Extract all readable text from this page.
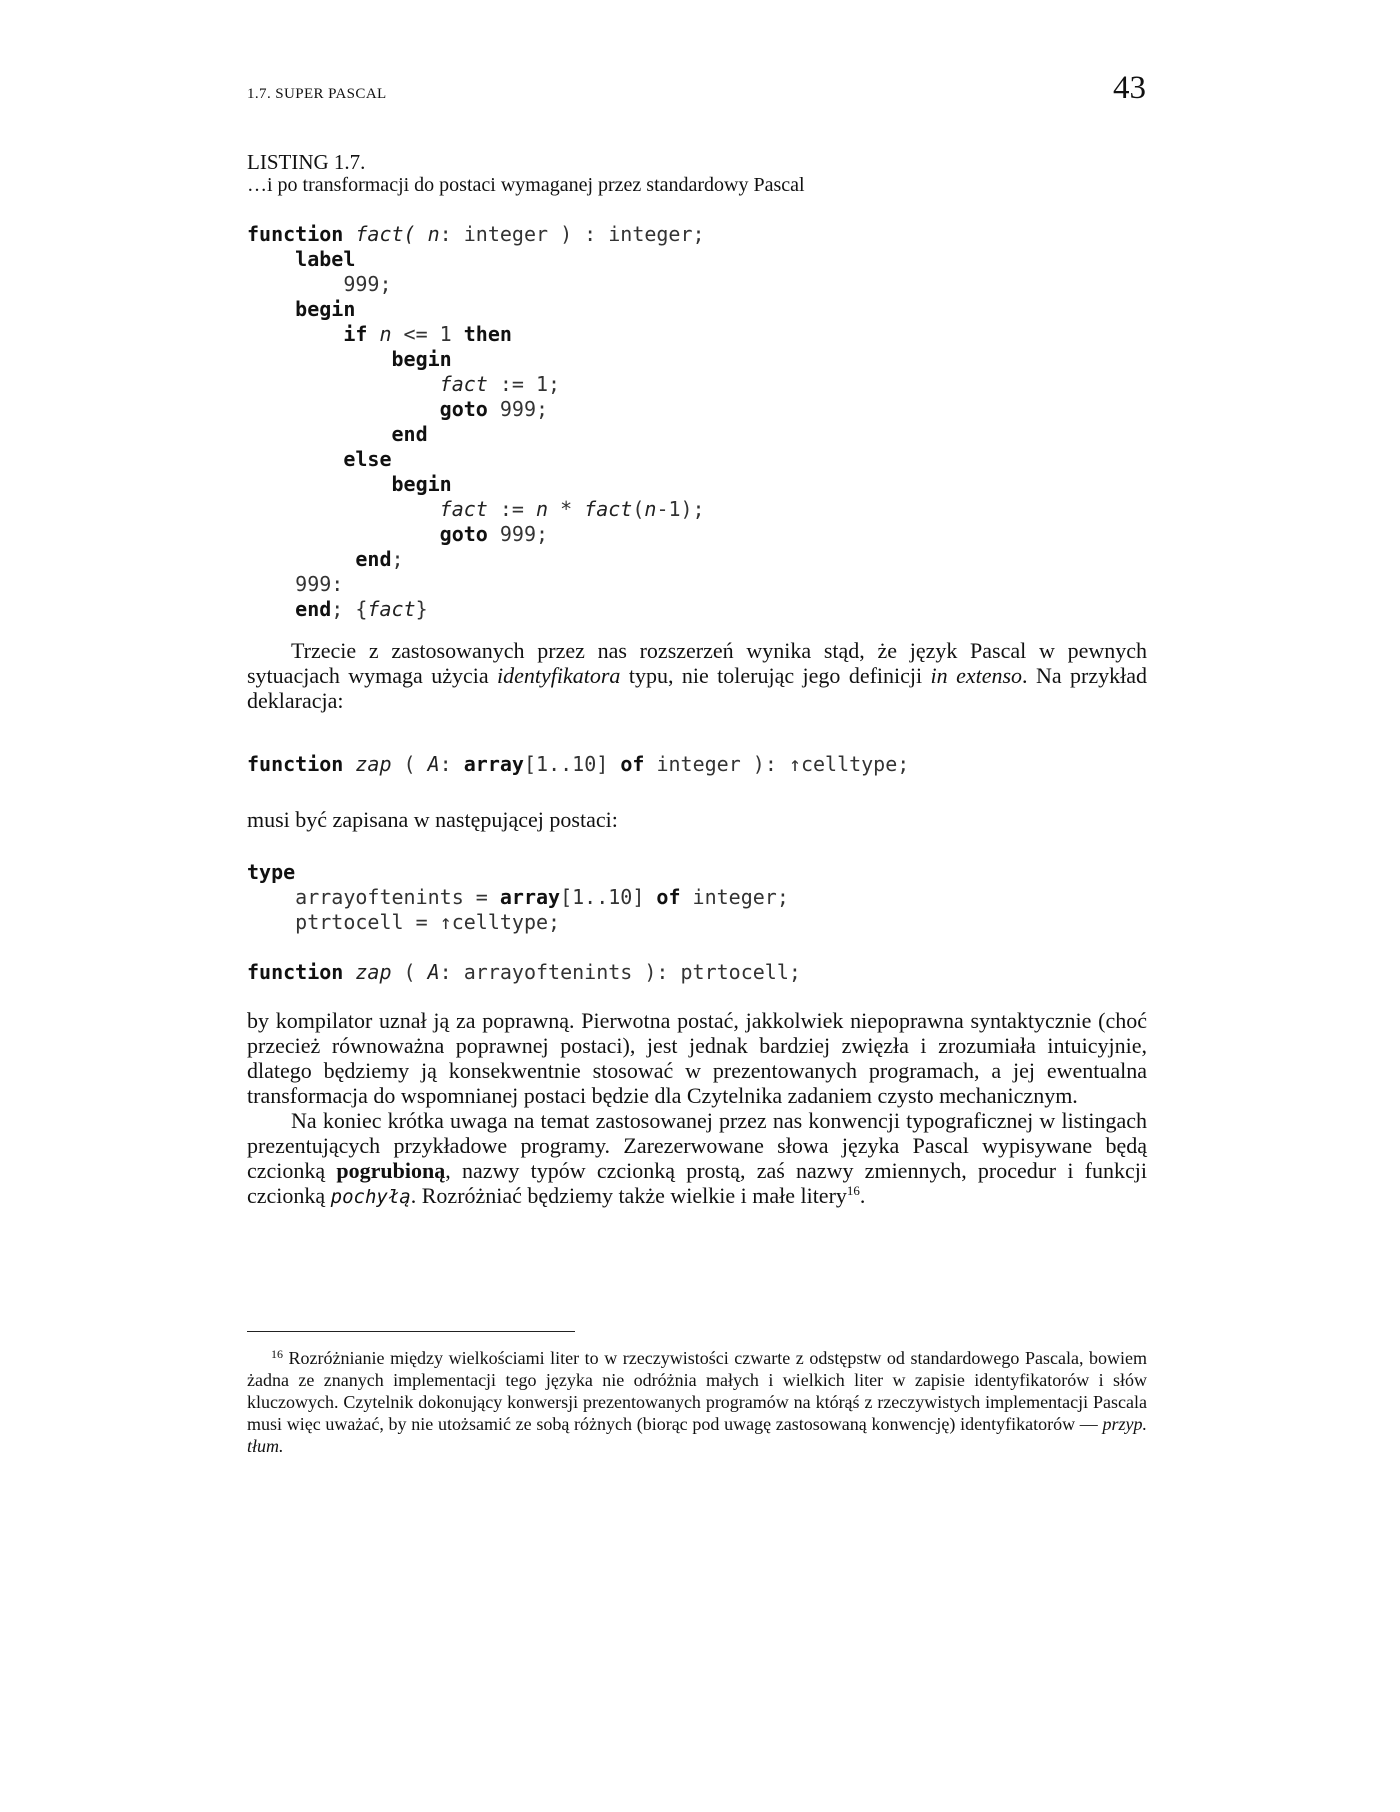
1.7. SUPER PASCAL	43
LISTING 1.7.
…i po transformacji do postaci wymaganej przez standardowy Pascal
function fact( n: integer ) : integer;
label
999;
begin
if n <= 1 then
begin
fact := 1;
goto 999;
end
else
begin
fact := n * fact(n-1);
goto 999;
end;
999:
end; {fact}

Trzecie z zastosowanych przez nas rozszerzeń wynika stąd, że język Pascal w pewnych sytuacjach wymaga użycia identyfikatora typu, nie tolerując jego definicji in extenso. Na przykład deklaracja:

function zap ( A: array[1..10] of integer ): ↑celltype;

musi być zapisana w następującej postaci:

type
arrayoftenints = array[1..10] of integer;
ptrtocell = ↑celltype;

function zap ( A: arrayoftenints ): ptrtocell;

by kompilator uznał ją za poprawną. Pierwotna postać, jakkolwiek niepoprawna syntaktycznie (choć przecież równoważna poprawnej postaci), jest jednak bardziej zwięzła i zrozumiała intuicyjnie, dlatego będziemy ją konsekwentnie stosować w prezentowanych programach, a jej ewentualna transformacja do wspomnianej postaci będzie dla Czytelnika zadaniem czysto mechanicznym.

Na koniec krótka uwaga na temat zastosowanej przez nas konwencji typograficznej w listingach prezentujących przykładowe programy. Zarezerwowane słowa języka Pascal wypisywane będą czcionką pogrubioną, nazwy typów czcionką prostą, zaś nazwy zmiennych, procedur i funkcji czcionką pochyłą. Rozróżniać będziemy także wielkie i małe litery$^{16}$.

$^{16}$ Rozróżnianie między wielkościami liter to w rzeczywistości czwarte z odstępstw od standardowego Pascala, bowiem żadna ze znanych implementacji tego języka nie odróżnia małych i wielkich liter w zapisie identyfikatorów i słów kluczowych. Czytelnik dokonujący konwersji prezentowanych programów na którąś z rzeczywistych implementacji Pascala musi więc uważać, by nie utożsamić ze sobą różnych (biorąc pod uwagę zastosowaną konwencję) identyfikatorów — przyp. tłum.
